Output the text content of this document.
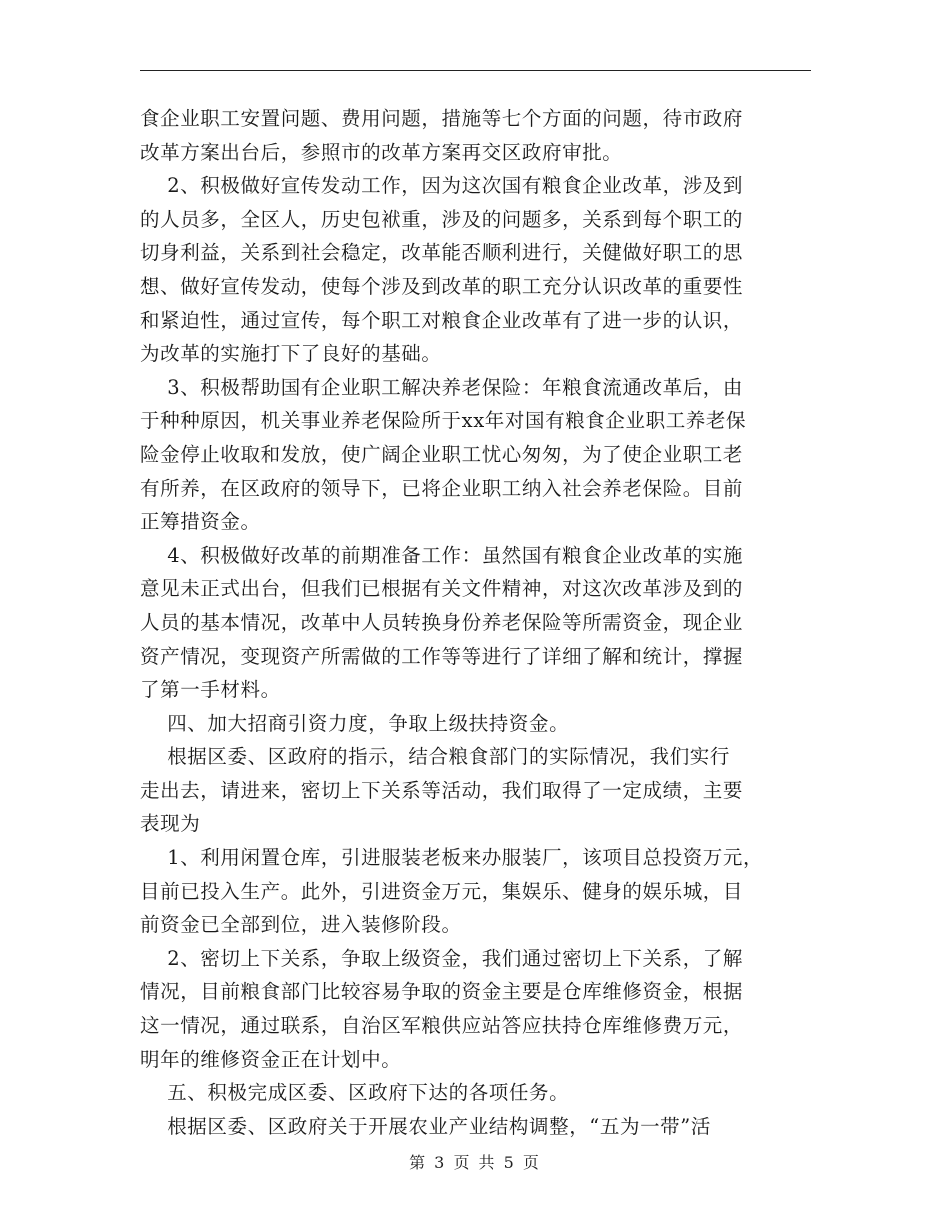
食企业职工安置问题、费用问题，措施等七个方面的问题，待市政府
改革方案出台后，参照市的改革方案再交区政府审批。
2、积极做好宣传发动工作，因为这次国有粮食企业改革，涉及到
的人员多，全区人，历史包袱重，涉及的问题多，关系到每个职工的
切身利益，关系到社会稳定，改革能否顺利进行，关健做好职工的思
想、做好宣传发动，使每个涉及到改革的职工充分认识改革的重要性
和紧迫性，通过宣传，每个职工对粮食企业改革有了进一步的认识，
为改革的实施打下了良好的基础。
3、积极帮助国有企业职工解决养老保险：年粮食流通改革后，由
于种种原因，机关事业养老保险所于xx年对国有粮食企业职工养老保
险金停止收取和发放，使广阔企业职工忧心匆匆，为了使企业职工老
有所养，在区政府的领导下，已将企业职工纳入社会养老保险。目前
正筹措资金。
4、积极做好改革的前期准备工作：虽然国有粮食企业改革的实施
意见未正式出台，但我们已根据有关文件精神，对这次改革涉及到的
人员的基本情况，改革中人员转换身份养老保险等所需资金，现企业
资产情况，变现资产所需做的工作等等进行了详细了解和统计，撑握
了第一手材料。
四、加大招商引资力度，争取上级扶持资金。
根据区委、区政府的指示，结合粮食部门的实际情况，我们实行
走出去，请进来，密切上下关系等活动，我们取得了一定成绩，主要
表现为
1、利用闲置仓库，引进服装老板来办服装厂，该项目总投资万元，
目前已投入生产。此外，引进资金万元，集娱乐、健身的娱乐城，目
前资金已全部到位，进入装修阶段。
2、密切上下关系，争取上级资金，我们通过密切上下关系，了解
情况，目前粮食部门比较容易争取的资金主要是仓库维修资金，根据
这一情况，通过联系，自治区军粮供应站答应扶持仓库维修费万元，
明年的维修资金正在计划中。
五、积极完成区委、区政府下达的各项任务。
根据区委、区政府关于开展农业产业结构调整，“五为一带”活
第 3 页 共 5 页
